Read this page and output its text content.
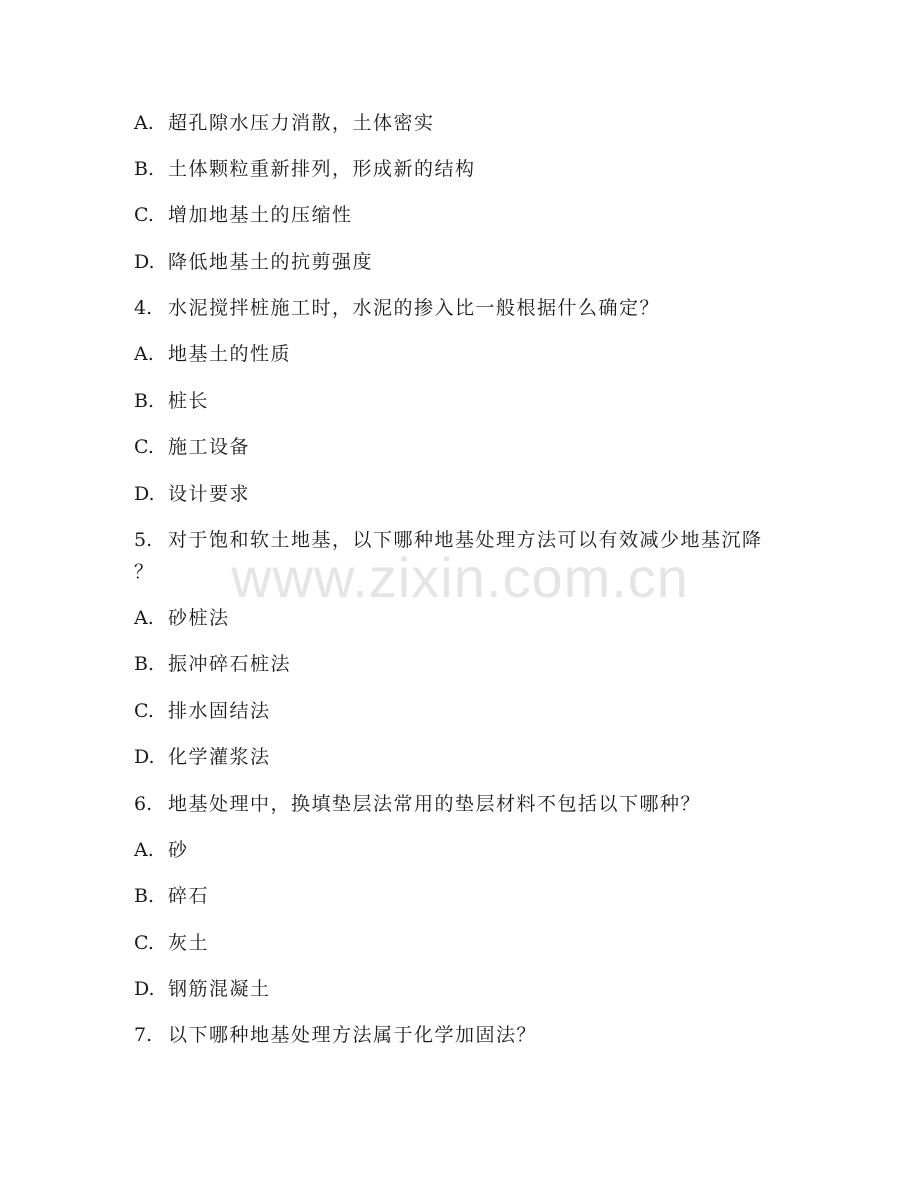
A. 超孔隙水压力消散，土体密实
B. 土体颗粒重新排列，形成新的结构
C. 增加地基土的压缩性
D. 降低地基土的抗剪强度
4. 水泥搅拌桩施工时，水泥的掺入比一般根据什么确定？
A. 地基土的性质
B. 桩长
C. 施工设备
D. 设计要求
5. 对于饱和软土地基，以下哪种地基处理方法可以有效减少地基沉降
？
A. 砂桩法
B. 振冲碎石桩法
C. 排水固结法
D. 化学灌浆法
6. 地基处理中，换填垫层法常用的垫层材料不包括以下哪种？
A. 砂
B. 碎石
C. 灰土
D. 钢筋混凝土
7. 以下哪种地基处理方法属于化学加固法？
www.zixin.com.cn
